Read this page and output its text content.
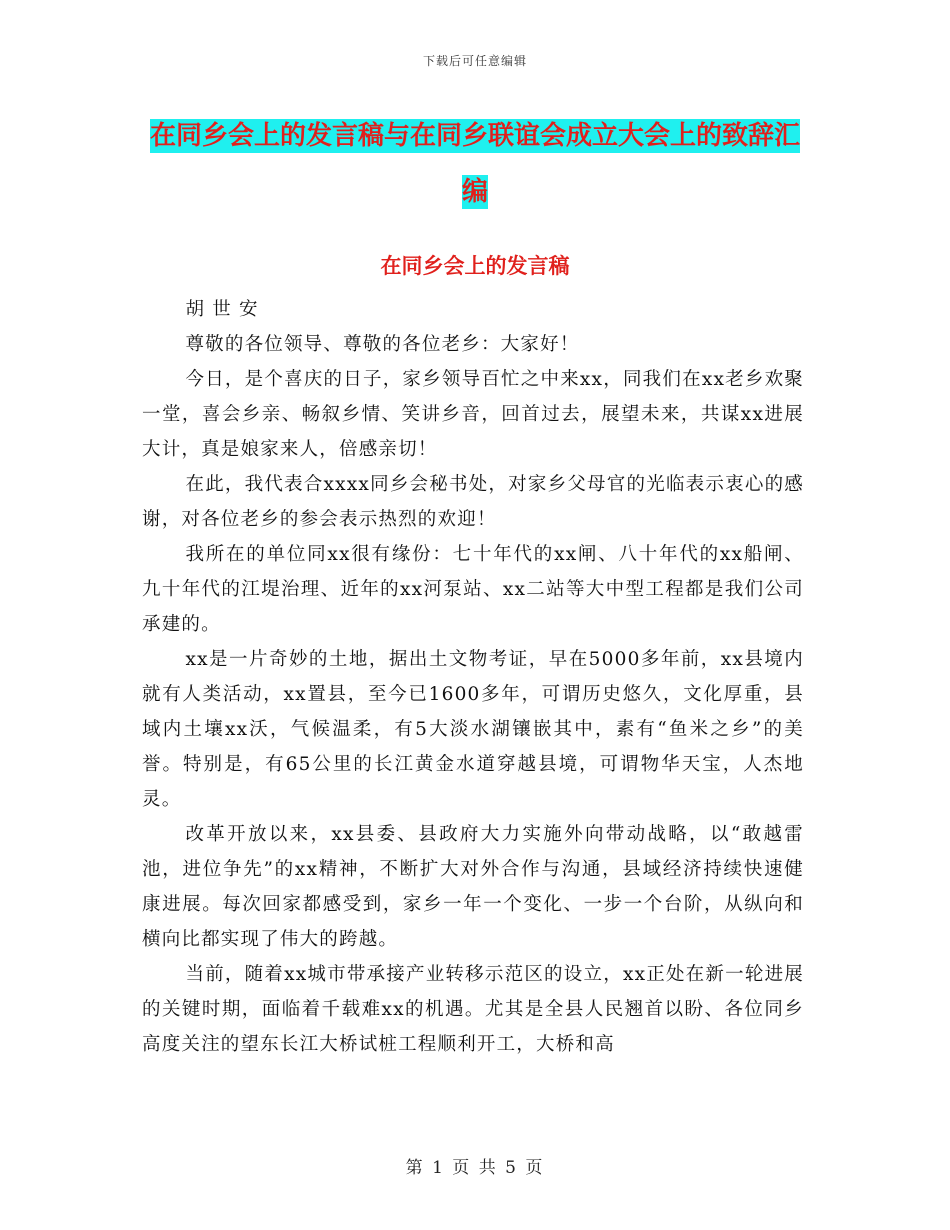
下载后可任意编辑
在同乡会上的发言稿与在同乡联谊会成立大会上的致辞汇编
在同乡会上的发言稿

胡 世 安

尊敬的各位领导、尊敬的各位老乡：大家好！

今日，是个喜庆的日子，家乡领导百忙之中来xx，同我们在xx老乡欢聚一堂，喜会乡亲、畅叙乡情、笑讲乡音，回首过去，展望未来，共谋xx进展大计，真是娘家来人，倍感亲切！

在此，我代表合xxxx同乡会秘书处，对家乡父母官的光临表示衷心的感谢，对各位老乡的参会表示热烈的欢迎！

我所在的单位同xx很有缘份：七十年代的xx闸、八十年代的xx船闸、九十年代的江堤治理、近年的xx河泵站、xx二站等大中型工程都是我们公司承建的。

xx是一片奇妙的土地，据出土文物考证，早在5000多年前，xx县境内就有人类活动，xx置县，至今已1600多年，可谓历史悠久，文化厚重，县域内土壤xx沃，气候温柔，有5大淡水湖镶嵌其中，素有“鱼米之乡”的美誉。特别是，有65公里的长江黄金水道穿越县境，可谓物华天宝，人杰地灵。

改革开放以来，xx县委、县政府大力实施外向带动战略，以“敢越雷池，进位争先”的xx精神，不断扩大对外合作与沟通，县域经济持续快速健康进展。每次回家都感受到，家乡一年一个变化、一步一个台阶，从纵向和横向比都实现了伟大的跨越。

当前，随着xx城市带承接产业转移示范区的设立，xx正处在新一轮进展的关键时期，面临着千载难xx的机遇。尤其是全县人民翘首以盼、各位同乡高度关注的望东长江大桥试桩工程顺利开工，大桥和高

第 1 页 共 5 页
